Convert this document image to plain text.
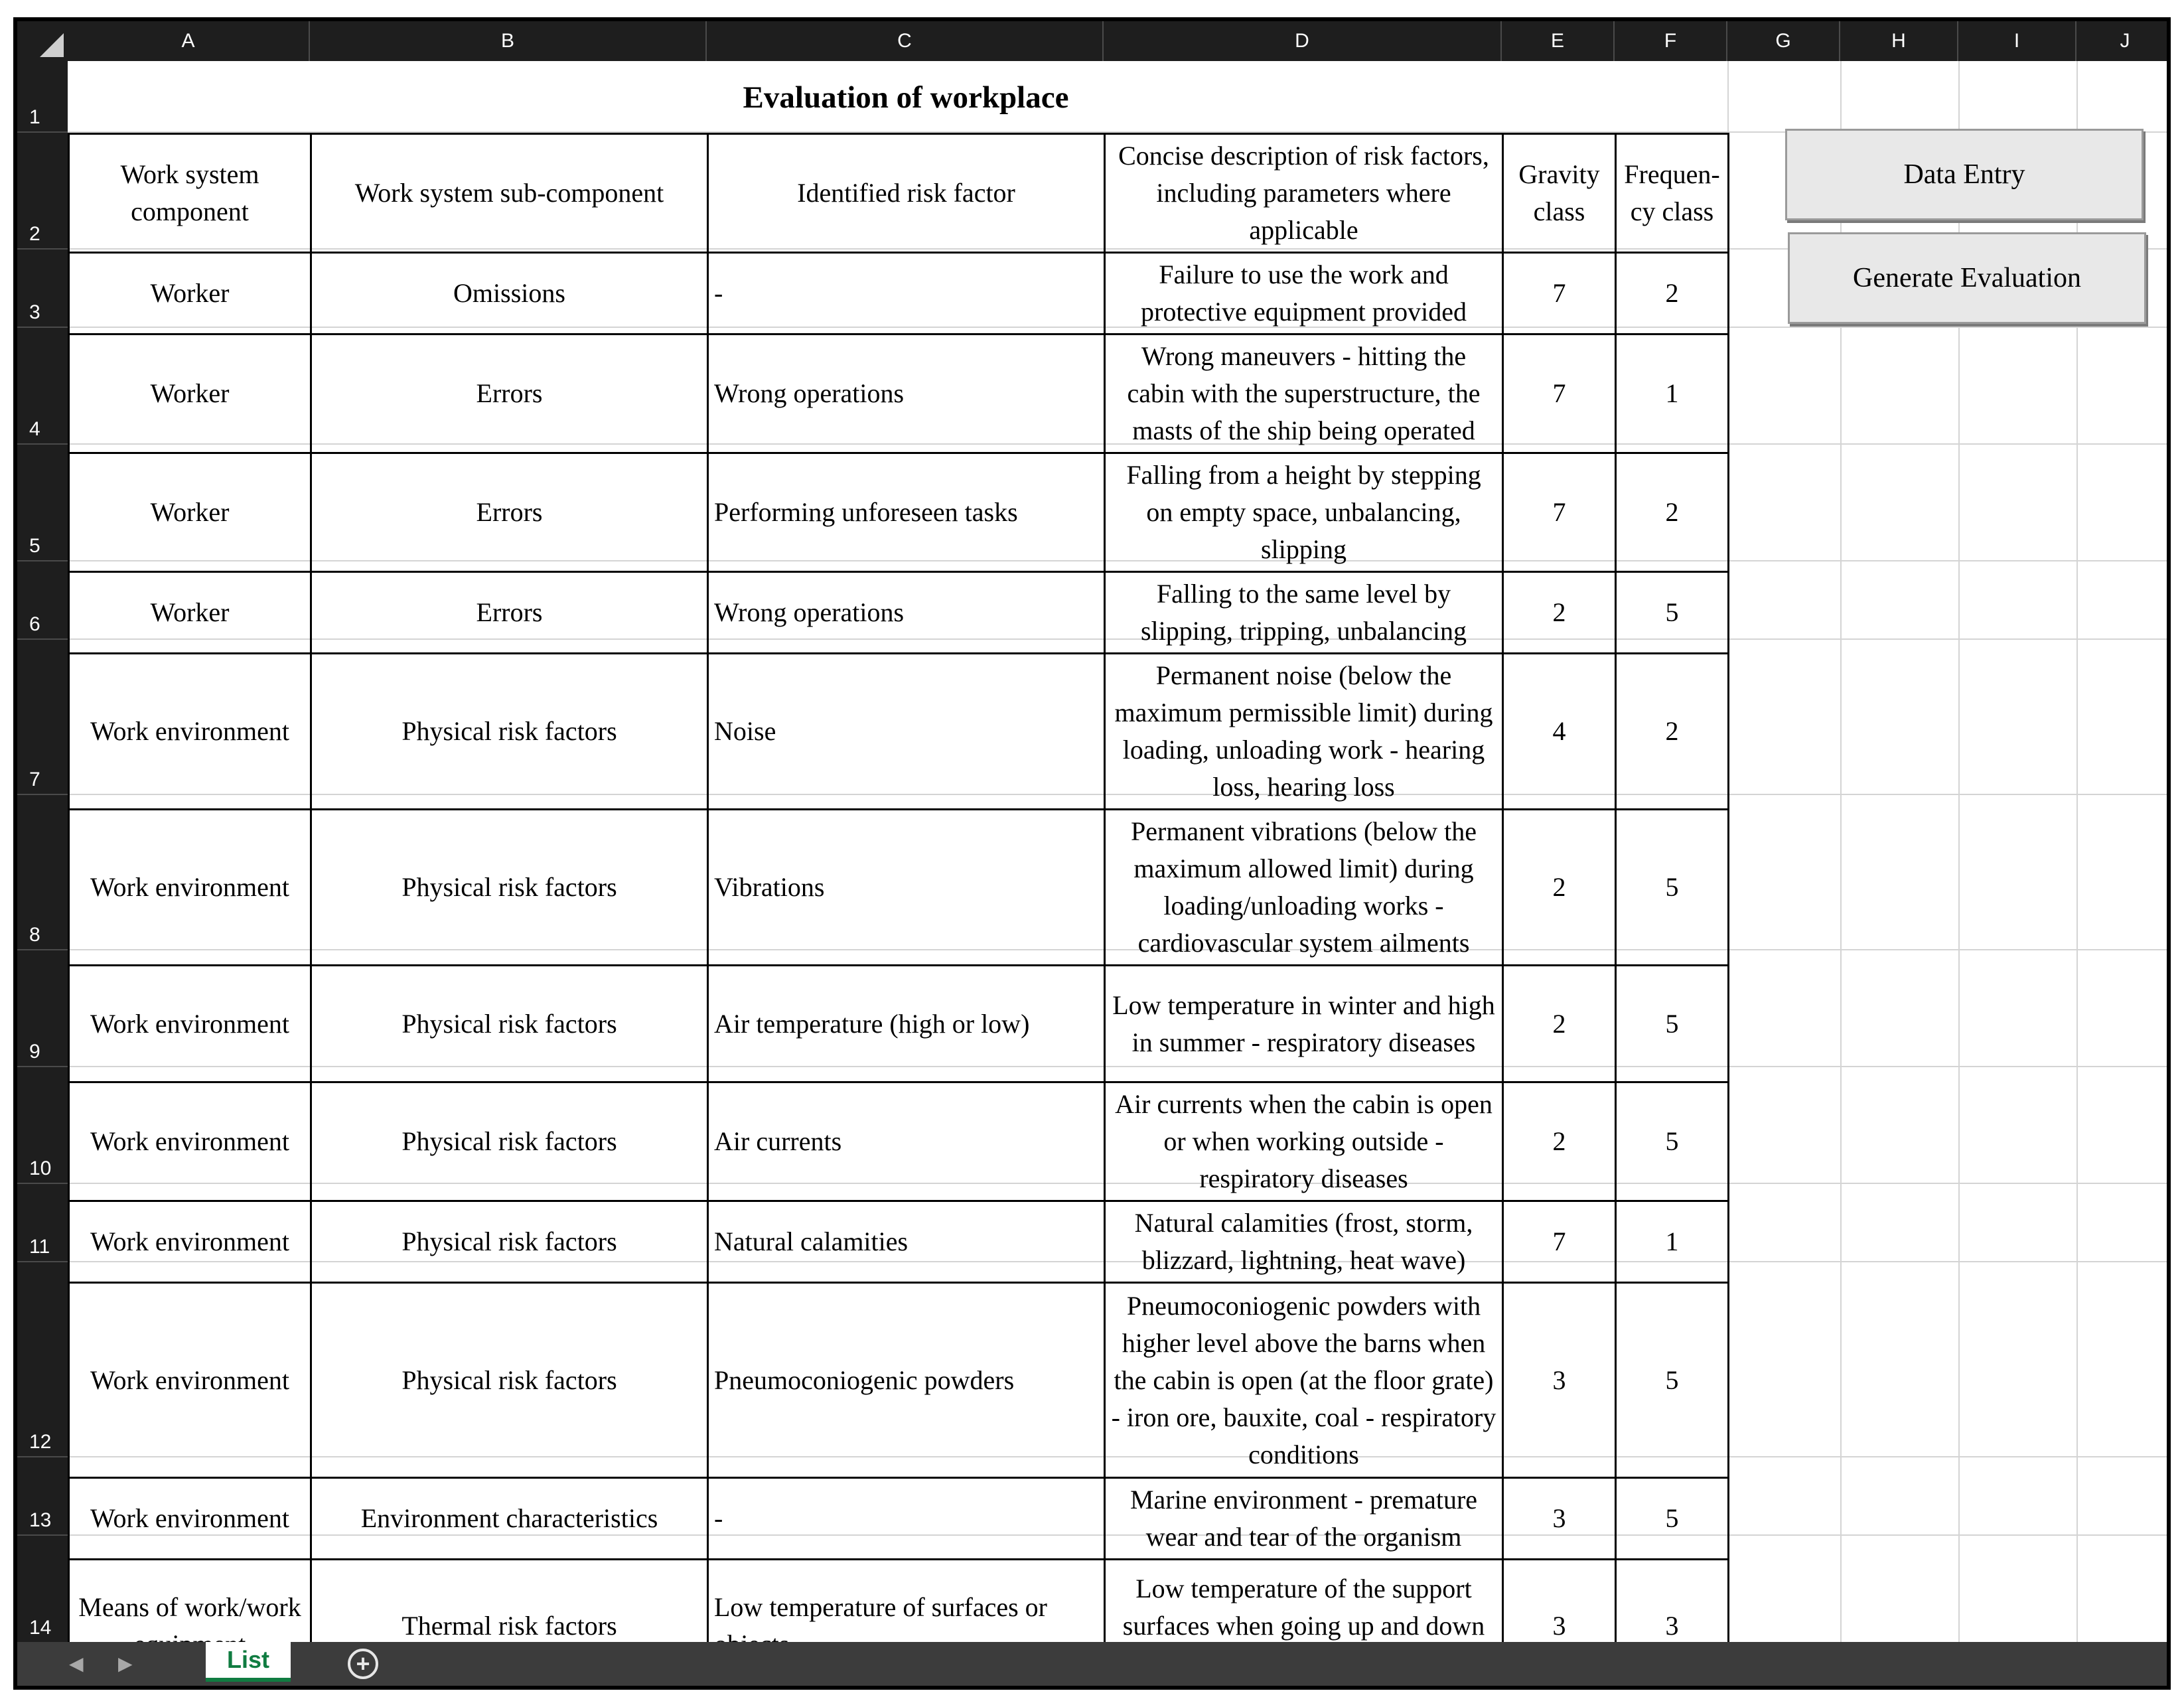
A	B	C	D	E	F	G	H	I	J
1
2
3
4
5
6
7
8
9
10
11
12
13
14
Evaluation of workplace
Work system component	Work system sub-component	Identified risk factor	Concise description of risk factors, including parameters where applicable	Gravity class	Frequen-cy class
Worker	Omissions	-	Failure to use the work and protective equipment provided	7	2
Worker	Errors	Wrong operations	Wrong maneuvers - hitting the cabin with the superstructure, the masts of the ship being operated	7	1
Worker	Errors	Performing unforeseen tasks	Falling from a height by stepping on empty space, unbalancing, slipping	7	2
Worker	Errors	Wrong operations	Falling to the same level by slipping, tripping, unbalancing	2	5
Work environment	Physical risk factors	Noise	Permanent noise (below the maximum permissible limit) during loading, unloading work - hearing loss, hearing loss	4	2
Work environment	Physical risk factors	Vibrations	Permanent vibrations (below the maximum allowed limit) during loading/unloading works - cardiovascular system ailments	2	5
Work environment	Physical risk factors	Air temperature (high or low)	Low temperature in winter and high in summer - respiratory diseases	2	5
Work environment	Physical risk factors	Air currents	Air currents when the cabin is open or when working outside - respiratory diseases	2	5
Work environment	Physical risk factors	Natural calamities	Natural calamities (frost, storm, blizzard, lightning, heat wave)	7	1
Work environment	Physical risk factors	Pneumoconiogenic powders	Pneumoconiogenic powders with higher level above the barns when the cabin is open (at the floor grate) - iron ore, bauxite, coal - respiratory conditions	3	5
Work environment	Environment characteristics	-	Marine environment - premature wear and tear of the organism	3	5
Means of work/work	Thermal risk factors	Low temperature of surfaces or	Low temperature of the support surfaces when going up and down	3	3
Data Entry
Generate Evaluation
◀ ▶	List	+
